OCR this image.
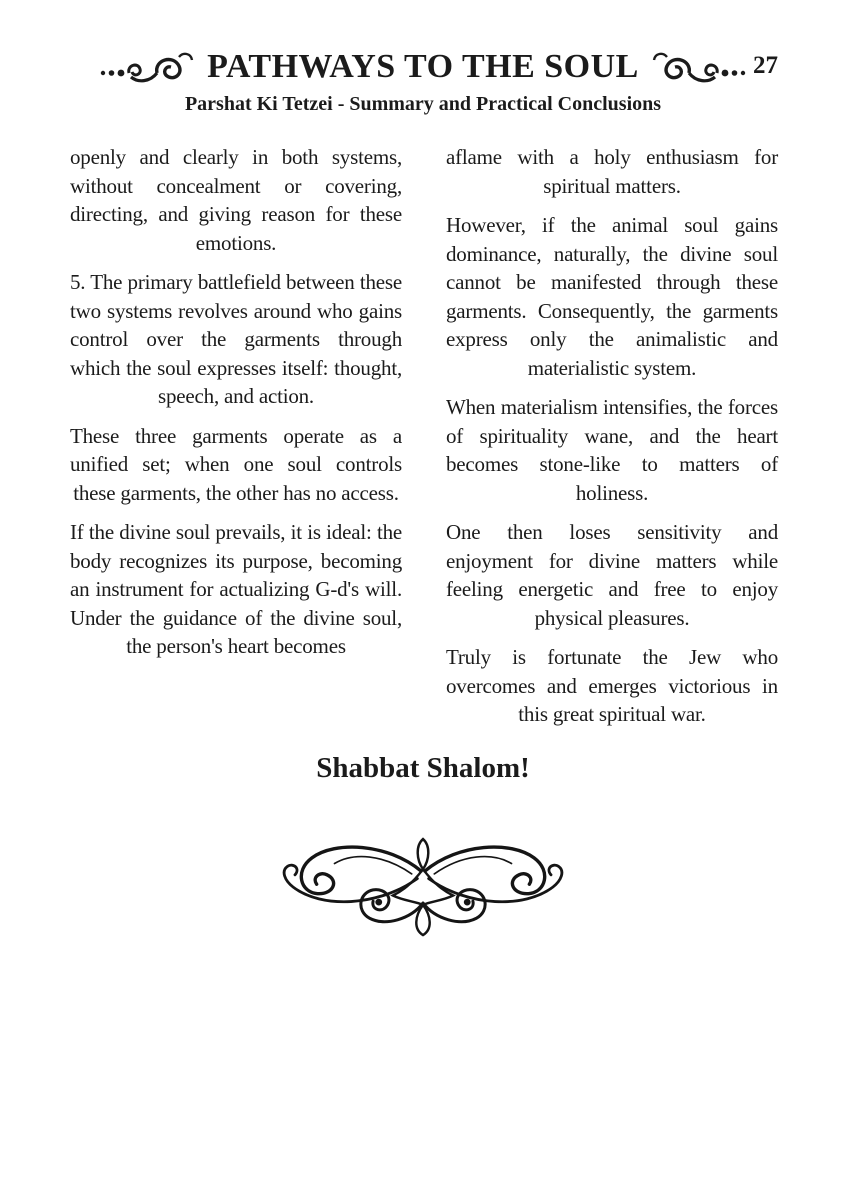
PATHWAYS TO THE SOUL	27
Parshat Ki Tetzei - Summary and Practical Conclusions

openly and clearly in both systems, without concealment or covering, directing, and giving reason for these emotions.

5. The primary battlefield between these two systems revolves around who gains control over the garments through which the soul expresses itself: thought, speech, and action.

These three garments operate as a unified set; when one soul controls these garments, the other has no access.

If the divine soul prevails, it is ideal: the body recognizes its purpose, becoming an instrument for actualizing G-d's will. Under the guidance of the divine soul, the person's heart becomes

aflame with a holy enthusiasm for spiritual matters.

However, if the animal soul gains dominance, naturally, the divine soul cannot be manifested through these garments. Consequently, the garments express only the animalistic and materialistic system.

When materialism intensifies, the forces of spirituality wane, and the heart becomes stone-like to matters of holiness.

One then loses sensitivity and enjoyment for divine matters while feeling energetic and free to enjoy physical pleasures.

Truly is fortunate the Jew who overcomes and emerges victorious in this great spiritual war.

Shabbat Shalom!
